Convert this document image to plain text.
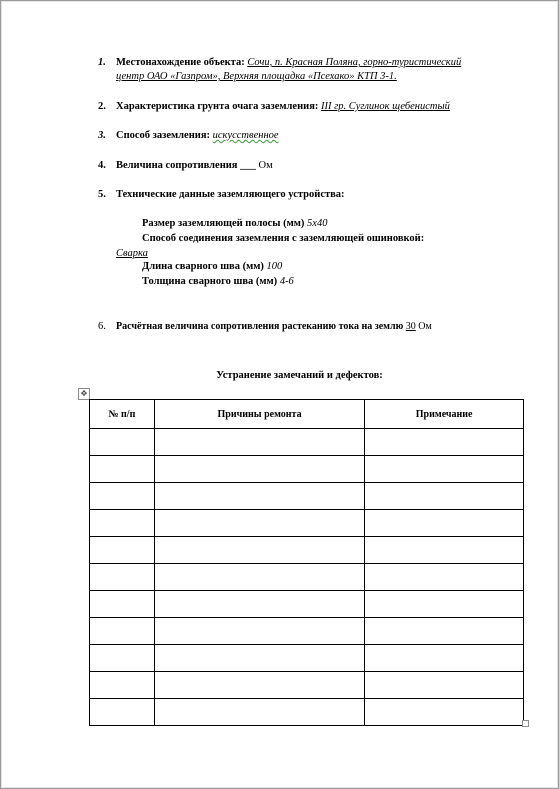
1. Местонахождение объекта: Сочи, п. Красная Поляна, горно-туристический
центр ОАО «Газпром», Верхняя площадка «Псехако» КТП 3-1.
2. Характеристика грунта очага заземления: III гр. Суглинок щебенистый
3. Способ заземления: искусственное
4. Величина сопротивления ___ Ом
5. Технические данные заземляющего устройства:
Размер заземляющей полосы (мм) 5х40
Способ соединения заземления с заземляющей ошиновкой:
Сварка
Длина сварного шва (мм) 100
Толщина сварного шва (мм) 4-6
6.	Расчётная величина сопротивления растеканию тока на землю 30 Ом
Устранение замечаний и дефектов:
✥
№ п/п	Причины ремонта	Примечание
